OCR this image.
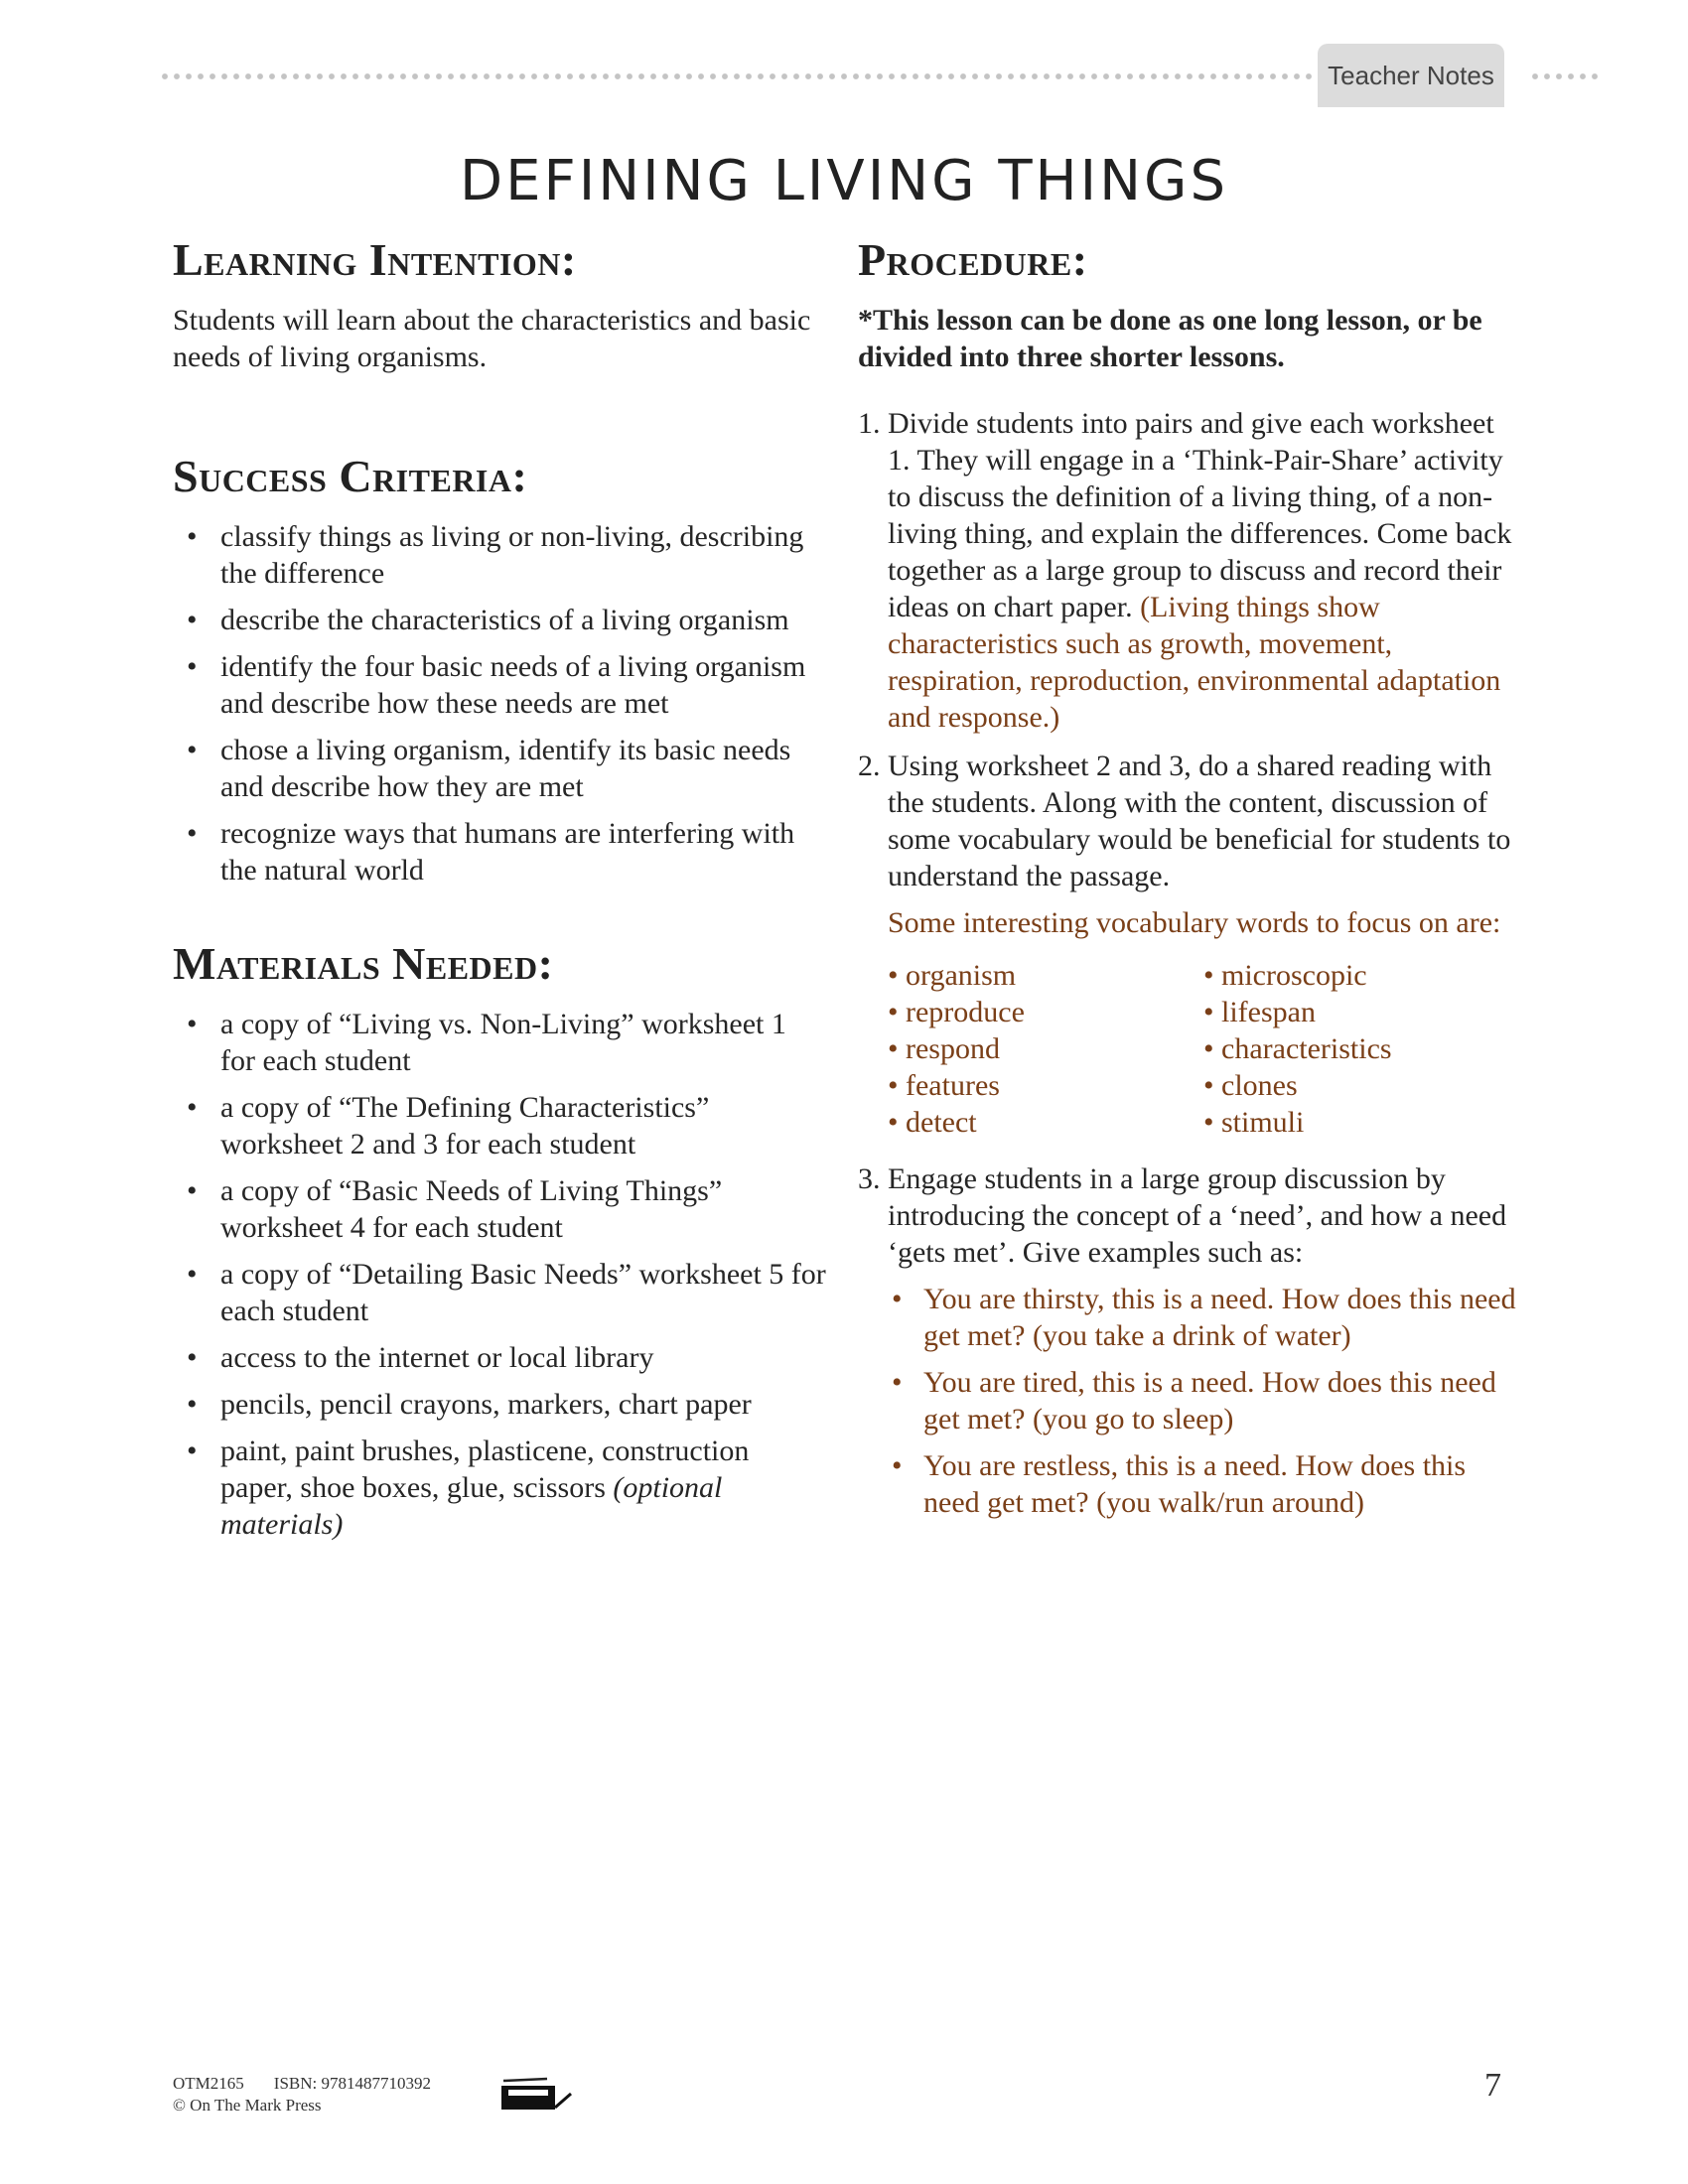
Teacher Notes
DEFINING LIVING THINGS
Learning Intention:

Students will learn about the characteristics and basic needs of living organisms.

Success Criteria:
• classify things as living or non-living, describing the difference
• describe the characteristics of a living organism
• identify the four basic needs of a living organism and describe how these needs are met
• chose a living organism, identify its basic needs and describe how they are met
• recognize ways that humans are interfering with the natural world
Materials Needed:
• a copy of “Living vs. Non-Living” worksheet 1 for each student
• a copy of “The Defining Characteristics” worksheet 2 and 3 for each student
• a copy of “Basic Needs of Living Things” worksheet 4 for each student
• a copy of “Detailing Basic Needs” worksheet 5 for each student
• access to the internet or local library
• pencils, pencil crayons, markers, chart paper
• paint, paint brushes, plasticene, construction paper, shoe boxes, glue, scissors (optional materials)
Procedure:

*This lesson can be done as one long lesson, or be divided into three shorter lessons.

1. Divide students into pairs and give each worksheet 1. They will engage in a ‘Think-Pair-Share’ activity to discuss the definition of a living thing, of a non-living thing, and explain the differences. Come back together as a large group to discuss and record their ideas on chart paper. (Living things show characteristics such as growth, movement, respiration, reproduction, environmental adaptation and response.)
2. Using worksheet 2 and 3, do a shared reading with the students. Along with the content, discussion of some vocabulary would be beneficial for students to understand the passage.
Some interesting vocabulary words to focus on are:
• organism
• reproduce
• respond
• features
• detect
• microscopic
• lifespan
• characteristics
• clones
• stimuli
3. Engage students in a large group discussion by introducing the concept of a ‘need’, and how a need ‘gets met’. Give examples such as:
• You are thirsty, this is a need. How does this need get met? (you take a drink of water)
• You are tired, this is a need. How does this need get met? (you go to sleep)
• You are restless, this is a need. How does this need get met? (you walk/run around)
OTM2165 ISBN: 9781487710392
© On The Mark Press
7
